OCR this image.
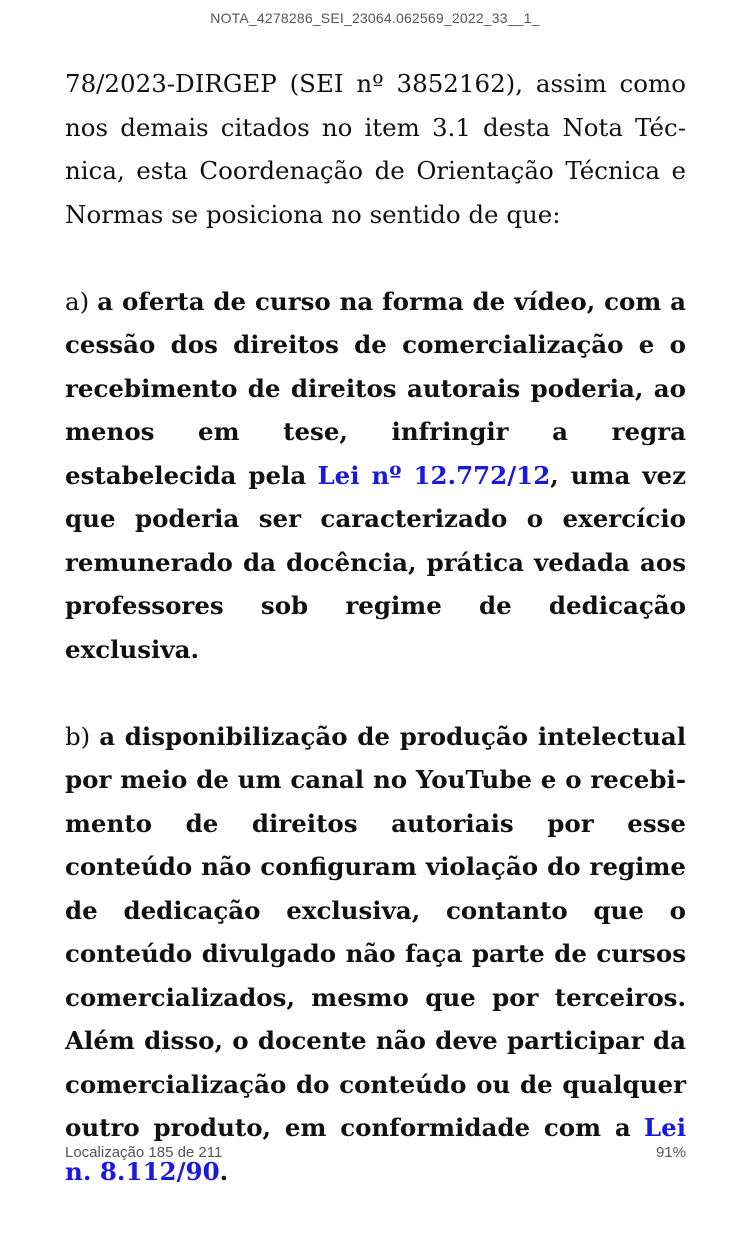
NOTA_4278286_SEI_23064.062569_2022_33__1_

78/2023-DIRGEP (SEI nº 3852162), assim como nos demais citados no item 3.1 desta Nota Técnica, esta Coordenação de Orientação Técnica e Normas se posiciona no sentido de que:

a) a oferta de curso na forma de vídeo, com a cessão dos direitos de comercialização e o recebimento de direitos autorais poderia, ao menos em tese, infringir a regra estabelecida pela Lei nº 12.772/12, uma vez que poderia ser caracterizado o exercício remunerado da docência, prática vedada aos professores sob regime de dedicação exclusiva.

b) a disponibilização de produção intelectual por meio de um canal no YouTube e o recebimento de direitos autoriais por esse conteúdo não configuram violação do regime de dedicação exclusiva, contanto que o conteúdo divulgado não faça parte de cursos comercializados, mesmo que por terceiros. Além disso, o docente não deve participar da comercialização do conteúdo ou de qualquer outro produto, em conformidade com a Lei n. 8.112/90.

Localização 185 de 211	91%
